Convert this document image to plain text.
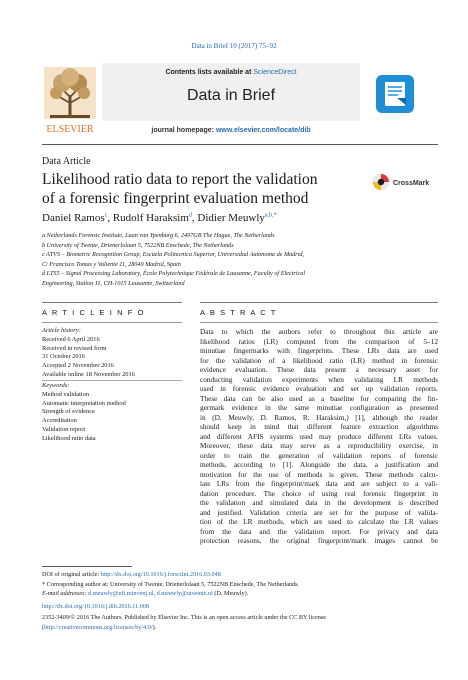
Data in Brief 10 (2017) 75–92
ELSEVIER
Contents lists available at ScienceDirect
Data in Brief
journal homepage: www.elsevier.com/locate/dib
Data Article
Likelihood ratio data to report the validation
of a forensic fingerprint evaluation method
CrossMark
Daniel Ramos$^c$, Rudolf Haraksim$^d$, Didier Meuwly$^{a,b,*}$
a Netherlands Forensic Institute, Laan van Ypenburg 6, 2497GB The Hague, The Netherlands
b University of Twente, Drienerlolaan 5, 7522NB Enschede, The Netherlands
c ATVS – Biometric Recognition Group, Escuela Politecnica Superior, Universidad Autonoma de Madrid,
C/ Francisco Tomas y Valiente 11, 28049 Madrid, Spain
d LTS5 – Signal Processing Laboratory, École Polytechnique Fédérale de Lausanne, Faculty of Electrical
Engineering, Station 11, CH-1015 Lausanne, Switzerland
A R T I C L E I N F O	A B S T R A C T
Article history:
Received 6 April 2016
Received in revised form
31 October 2016
Accepted 2 November 2016
Available online 18 November 2016
Keywords:
Method validation
Automatic interpretation method
Strength of evidence
Accreditation
Validation report
Likelihood ratio data
Data to which the authors refer to throughout this article are
likelihood ratios (LR) computed from the comparison of 5–12
minutiae fingermarks with fingerprints. These LRs data are used
for the validation of a likelihood ratio (LR) method in forensic
evidence evaluation. These data present a necessary asset for
conducting validation experiments when validating LR methods
used in forensic evidence evaluation and set up validation reports.
These data can be also used as a baseline for comparing the fin-
germark evidence in the same minutiae configuration as presented
in (D. Meuwly, D. Ramos, R. Haraksim,) [1], although the reader
should keep in mind that different feature extraction algorithms
and different AFIS systems used may produce different LRs values.
Moreover, these data may serve as a reproducibility exercise, in
order to train the generation of validation reports of forensic
methods, according to [1]. Alongside the data, a justification and
motivation for the use of methods is given. These methods calcu-
late LRs from the fingerprint/mark data and are subject to a vali-
dation procedure. The choice of using real forensic fingerprint in
the validation and simulated data in the development is described
and justified. Validation criteria are set for the purpose of valida-
tion of the LR methods, which are used to calculate the LR values
from the data and the validation report. For privacy and data
protection reasons, the original fingerprint/mark images cannot be
DOI of original article: http://dx.doi.org/10.1016/j.forsciint.2016.03.048
* Corresponding author at: University of Twente, Drienerlolaan 5, 7522NB Enschede, The Netherlands.
E-mail addresses: d.meuwly@nfi.minvenj.nl, d.meuwly@utwente.nl (D. Meuwly).
http://dx.doi.org/10.1016/j.dib.2016.11.008
2352-3409/© 2016 The Authors. Published by Elsevier Inc. This is an open access article under the CC BY license
(http://creativecommons.org/licenses/by/4.0/).
